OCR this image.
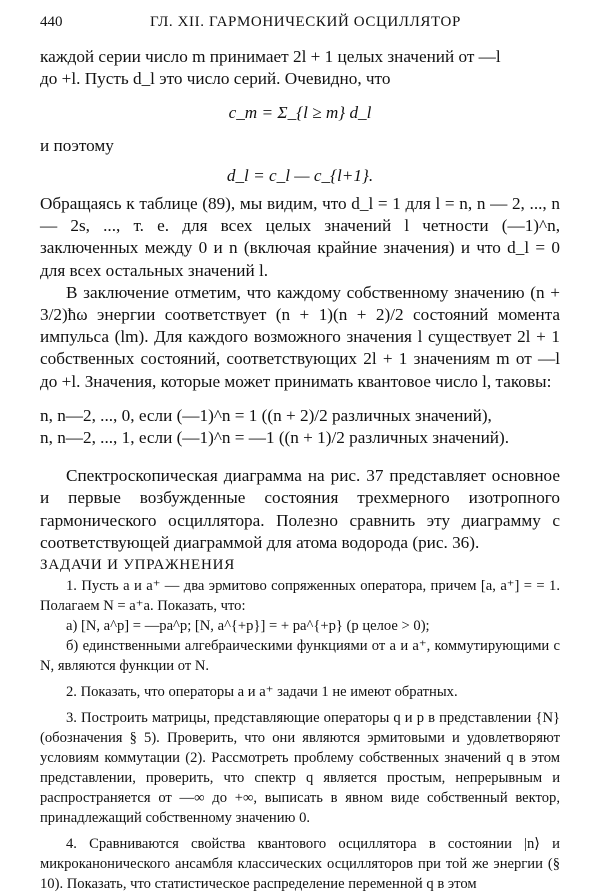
440	ГЛ. XII. ГАРМОНИЧЕСКИЙ ОСЦИЛЛЯТОР

каждой серии число m принимает 2l + 1 целых значений от —l

до +l. Пусть d_l это число серий. Очевидно, что

c_m = Σ_{l ≥ m} d_l

и поэтому

d_l = c_l — c_{l+1}.

Обращаясь к таблице (89), мы видим, что d_l = 1 для l = n, n — 2, ..., n — 2s, ..., т. е. для всех целых значений l четности (—1)^n, заключенных между 0 и n (включая крайние значения) и что d_l = 0 для всех остальных значений l.

В заключение отметим, что каждому собственному значению (n + 3/2)ħω энергии соответствует (n + 1)(n + 2)/2 состояний момента импульса (lm). Для каждого возможного значения l существует 2l + 1 собственных состояний, соответствующих 2l + 1 значениям m от —l до +l. Значения, которые может принимать квантовое число l, таковы:

n, n—2, ..., 0, если (—1)^n = 1 ((n + 2)/2 различных значений),

n, n—2, ..., 1, если (—1)^n = —1 ((n + 1)/2 различных значений).

Спектроскопическая диаграмма на рис. 37 представляет основное и первые возбужденные состояния трехмерного изотропного гармонического осциллятора. Полезно сравнить эту диаграмму с соответствующей диаграммой для атома водорода (рис. 36).

ЗАДАЧИ И УПРАЖНЕНИЯ

1. Пусть a и a⁺ — два эрмитово сопряженных оператора, причем [a, a⁺] = = 1. Полагаем N = a⁺a. Показать, что:

а) [N, a^p] = —pa^p; [N, a^{+p}] = + pa^{+p} (p целое > 0);

б) единственными алгебраическими функциями от a и a⁺, коммутирующими с N, являются функции от N.

2. Показать, что операторы a и a⁺ задачи 1 не имеют обратных.

3. Построить матрицы, представляющие операторы q и p в представлении {N} (обозначения § 5). Проверить, что они являются эрмитовыми и удовлетворяют условиям коммутации (2). Рассмотреть проблему собственных значений q в этом представлении, проверить, что спектр q является простым, непрерывным и распространяется от —∞ до +∞, выписать в явном виде собственный вектор, принадлежащий собственному значению 0.

4. Сравниваются свойства квантового осциллятора в состоянии |n⟩ и микроканонического ансамбля классических осцилляторов при той же энергии (§ 10). Показать, что статистическое распределение переменной q в этом
